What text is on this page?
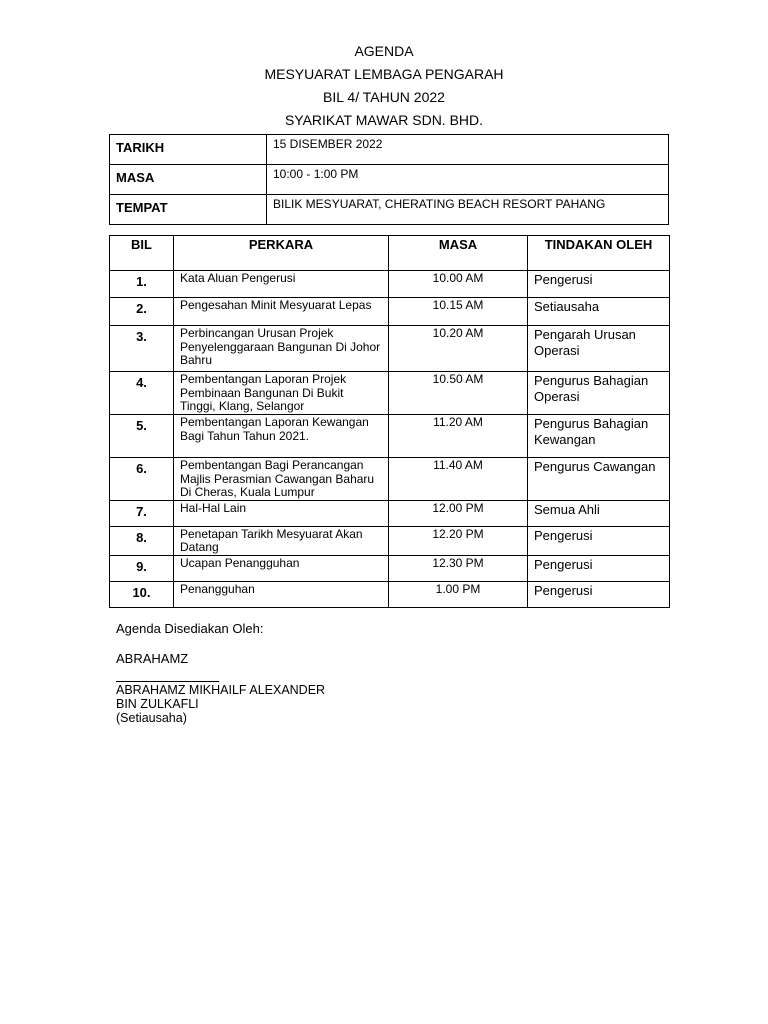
AGENDA
MESYUARAT LEMBAGA PENGARAH
BIL 4/ TAHUN 2022
SYARIKAT MAWAR SDN. BHD.
TARIKH	15 DISEMBER 2022
MASA	10:00 - 1:00 PM
TEMPAT	BILIK MESYUARAT, CHERATING BEACH RESORT PAHANG
BIL	PERKARA	MASA	TINDAKAN OLEH
1.	Kata Aluan Pengerusi	10.00 AM	Pengerusi
2.	Pengesahan Minit Mesyuarat Lepas	10.15 AM	Setiausaha
3.	Perbincangan Urusan Projek Penyelenggaraan Bangunan Di Johor Bahru	10.20 AM	Pengarah Urusan Operasi
4.	Pembentangan Laporan Projek Pembinaan Bangunan Di Bukit Tinggi, Klang, Selangor	10.50 AM	Pengurus Bahagian Operasi
5.	Pembentangan Laporan Kewangan Bagi Tahun Tahun 2021.	11.20 AM	Pengurus Bahagian Kewangan
6.	Pembentangan Bagi Perancangan Majlis Perasmian Cawangan Baharu Di Cheras, Kuala Lumpur	11.40 AM	Pengurus Cawangan
7.	Hal-Hal Lain	12.00 PM	Semua Ahli
8.	Penetapan Tarikh Mesyuarat Akan Datang	12.20 PM	Pengerusi
9.	Ucapan Penangguhan	12.30 PM	Pengerusi
10.	Penangguhan	1.00 PM	Pengerusi
Agenda Disediakan Oleh:
ABRAHAMZ
ABRAHAMZ MIKHAILF ALEXANDER
BIN ZULKAFLI
(Setiausaha)
